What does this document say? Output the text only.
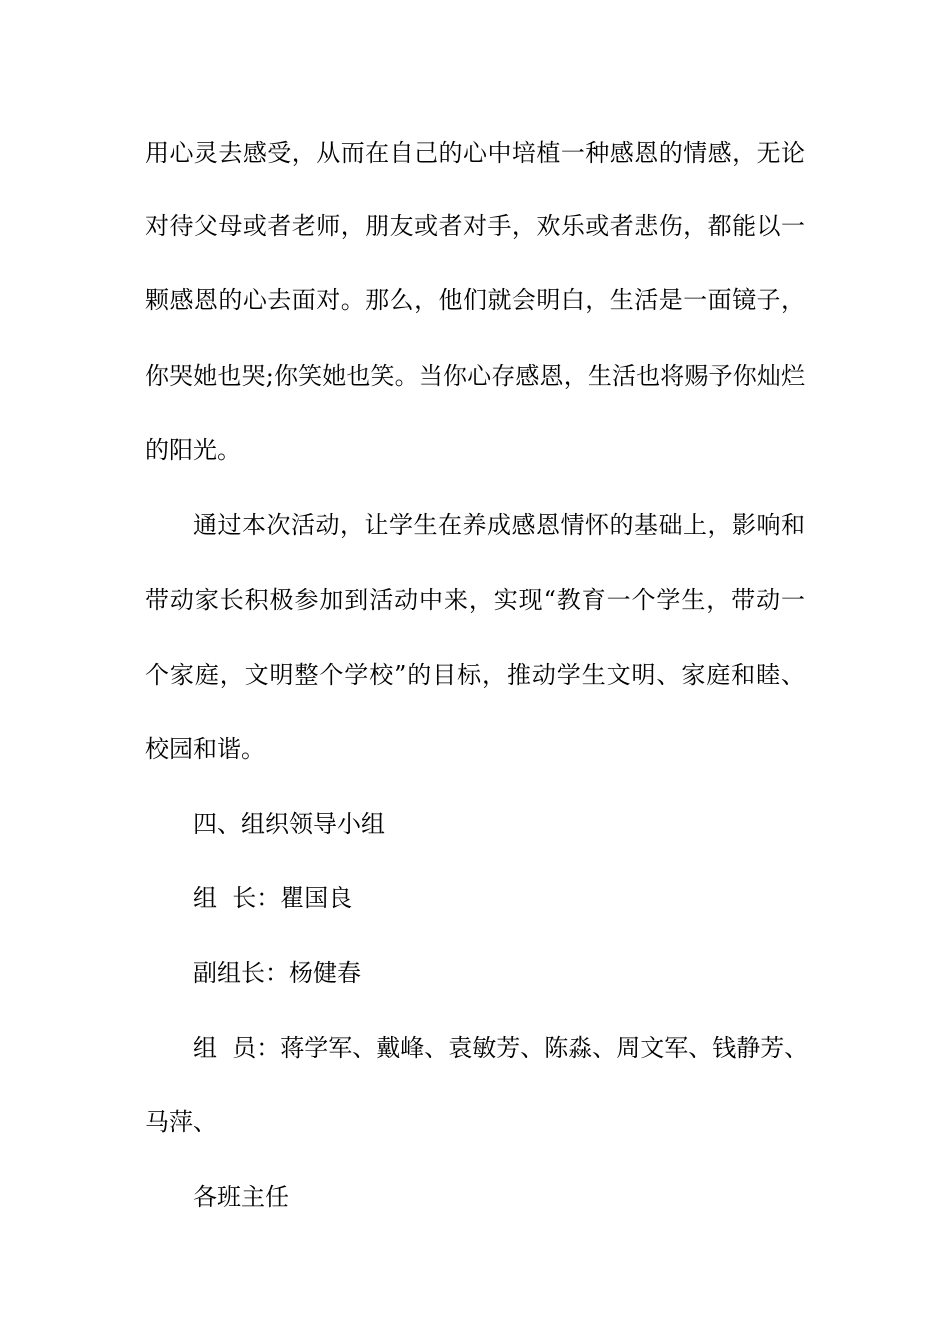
用心灵去感受，从而在自己的心中培植一种感恩的情感，无论
对待父母或者老师，朋友或者对手，欢乐或者悲伤，都能以一
颗感恩的心去面对。那么，他们就会明白，生活是一面镜子，
你哭她也哭;你笑她也笑。当你心存感恩，生活也将赐予你灿烂
的阳光。
通过本次活动，让学生在养成感恩情怀的基础上，影响和
带动家长积极参加到活动中来，实现“教育一个学生，带动一
个家庭，文明整个学校”的目标，推动学生文明、家庭和睦、
校园和谐。
四、组织领导小组
组  长：瞿国良
副组长：杨健春
组  员：蒋学军、戴峰、袁敏芳、陈淼、周文军、钱静芳、
马萍、
各班主任
